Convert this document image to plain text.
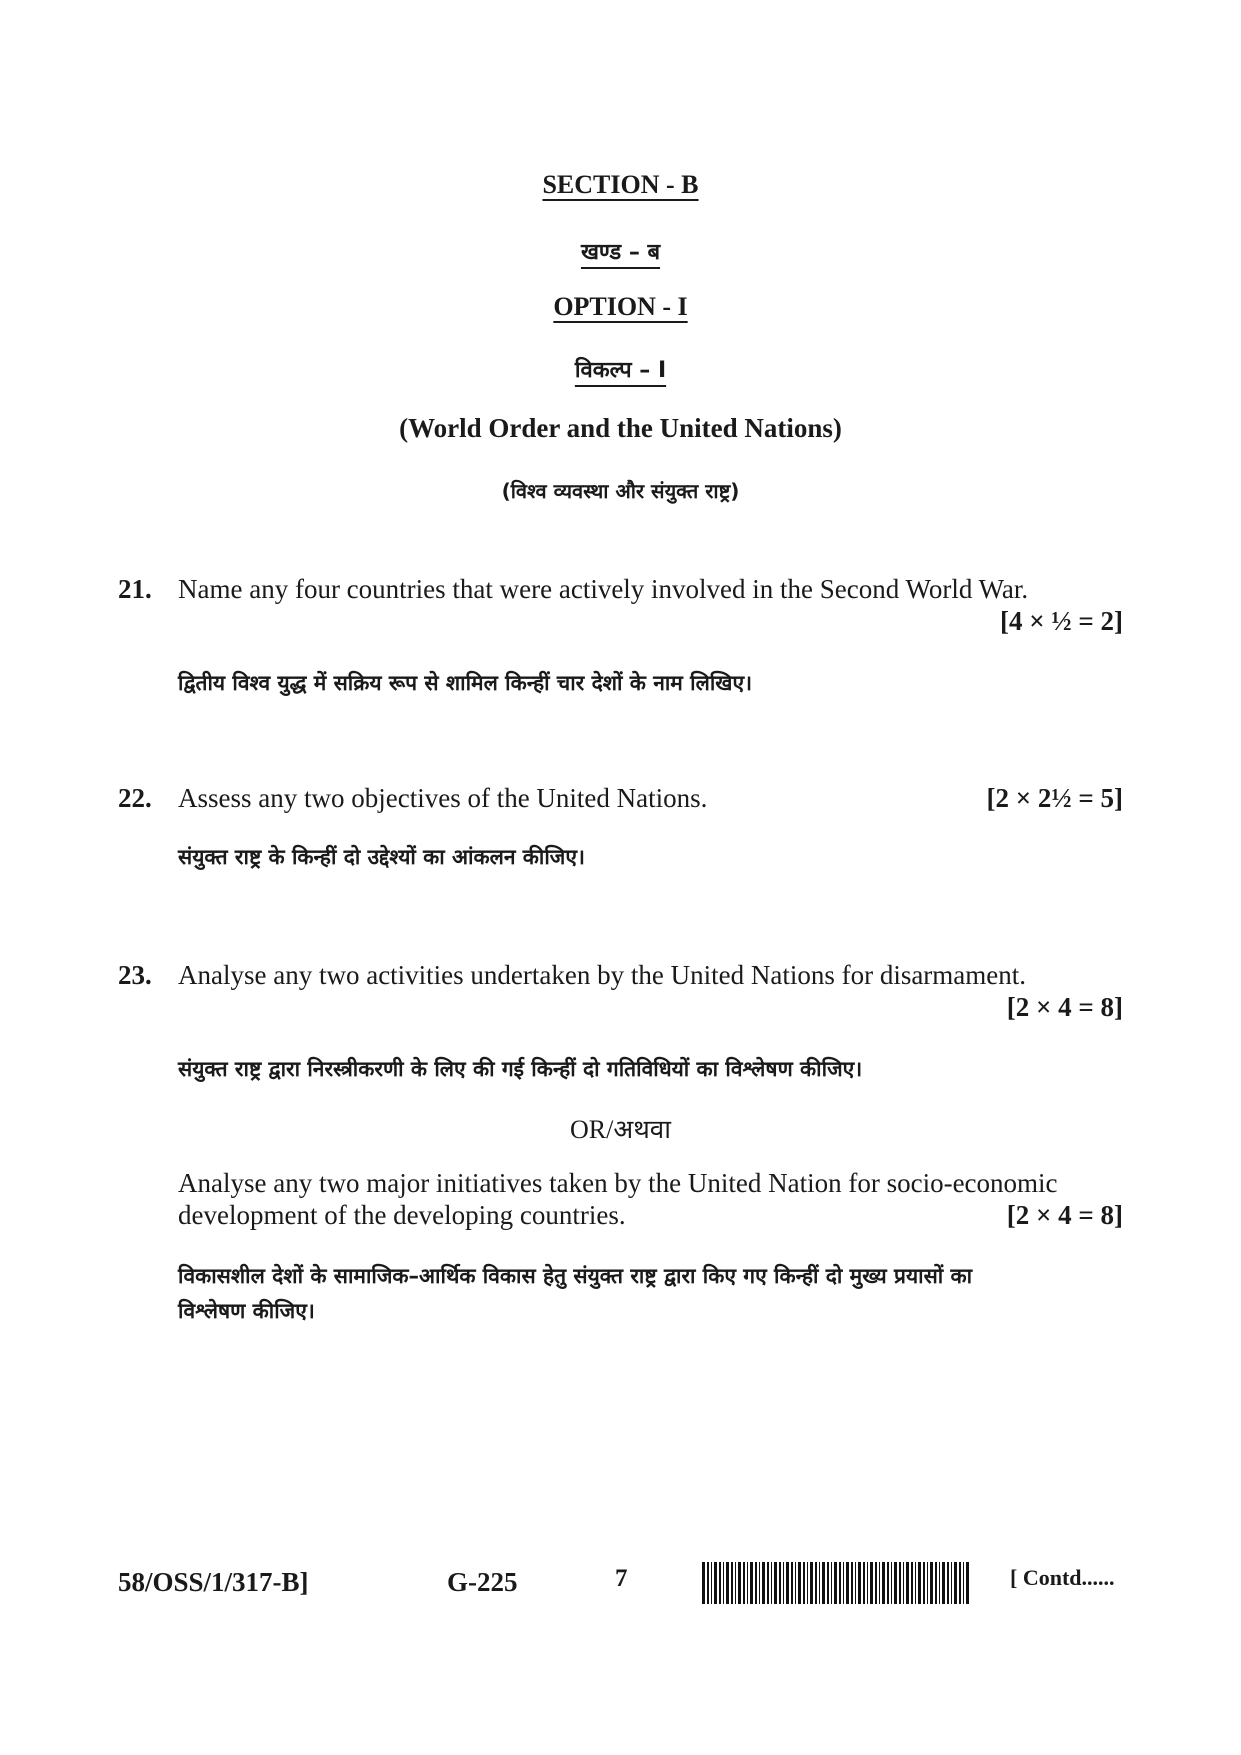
SECTION - B
खण्ड – ब
OPTION - I
विकल्प – I
(World Order and the United Nations)
(विश्व व्यवस्था और संयुक्त राष्ट्र)
21. Name any four countries that were actively involved in the Second World War.
[4 × ½ = 2]
द्वितीय विश्व युद्ध में सक्रिय रूप से शामिल किन्हीं चार देशों के नाम लिखिए।
22. Assess any two objectives of the United Nations.	[2 × 2½ = 5]
संयुक्त राष्ट्र के किन्हीं दो उद्देश्यों का आंकलन कीजिए।
23. Analyse any two activities undertaken by the United Nations for disarmament.
[2 × 4 = 8]
संयुक्त राष्ट्र द्वारा निरस्त्रीकरणी के लिए की गई किन्हीं दो गतिविधियों का विश्लेषण कीजिए।
OR/अथवा
Analyse any two major initiatives taken by the United Nation for socio-economic
development of the developing countries.	[2 × 4 = 8]
विकासशील देशों के सामाजिक–आर्थिक विकास हेतु संयुक्त राष्ट्र द्वारा किए गए किन्हीं दो मुख्य प्रयासों का
विश्लेषण कीजिए।
58/OSS/1/317-B]	G-225	7	[ Contd......
